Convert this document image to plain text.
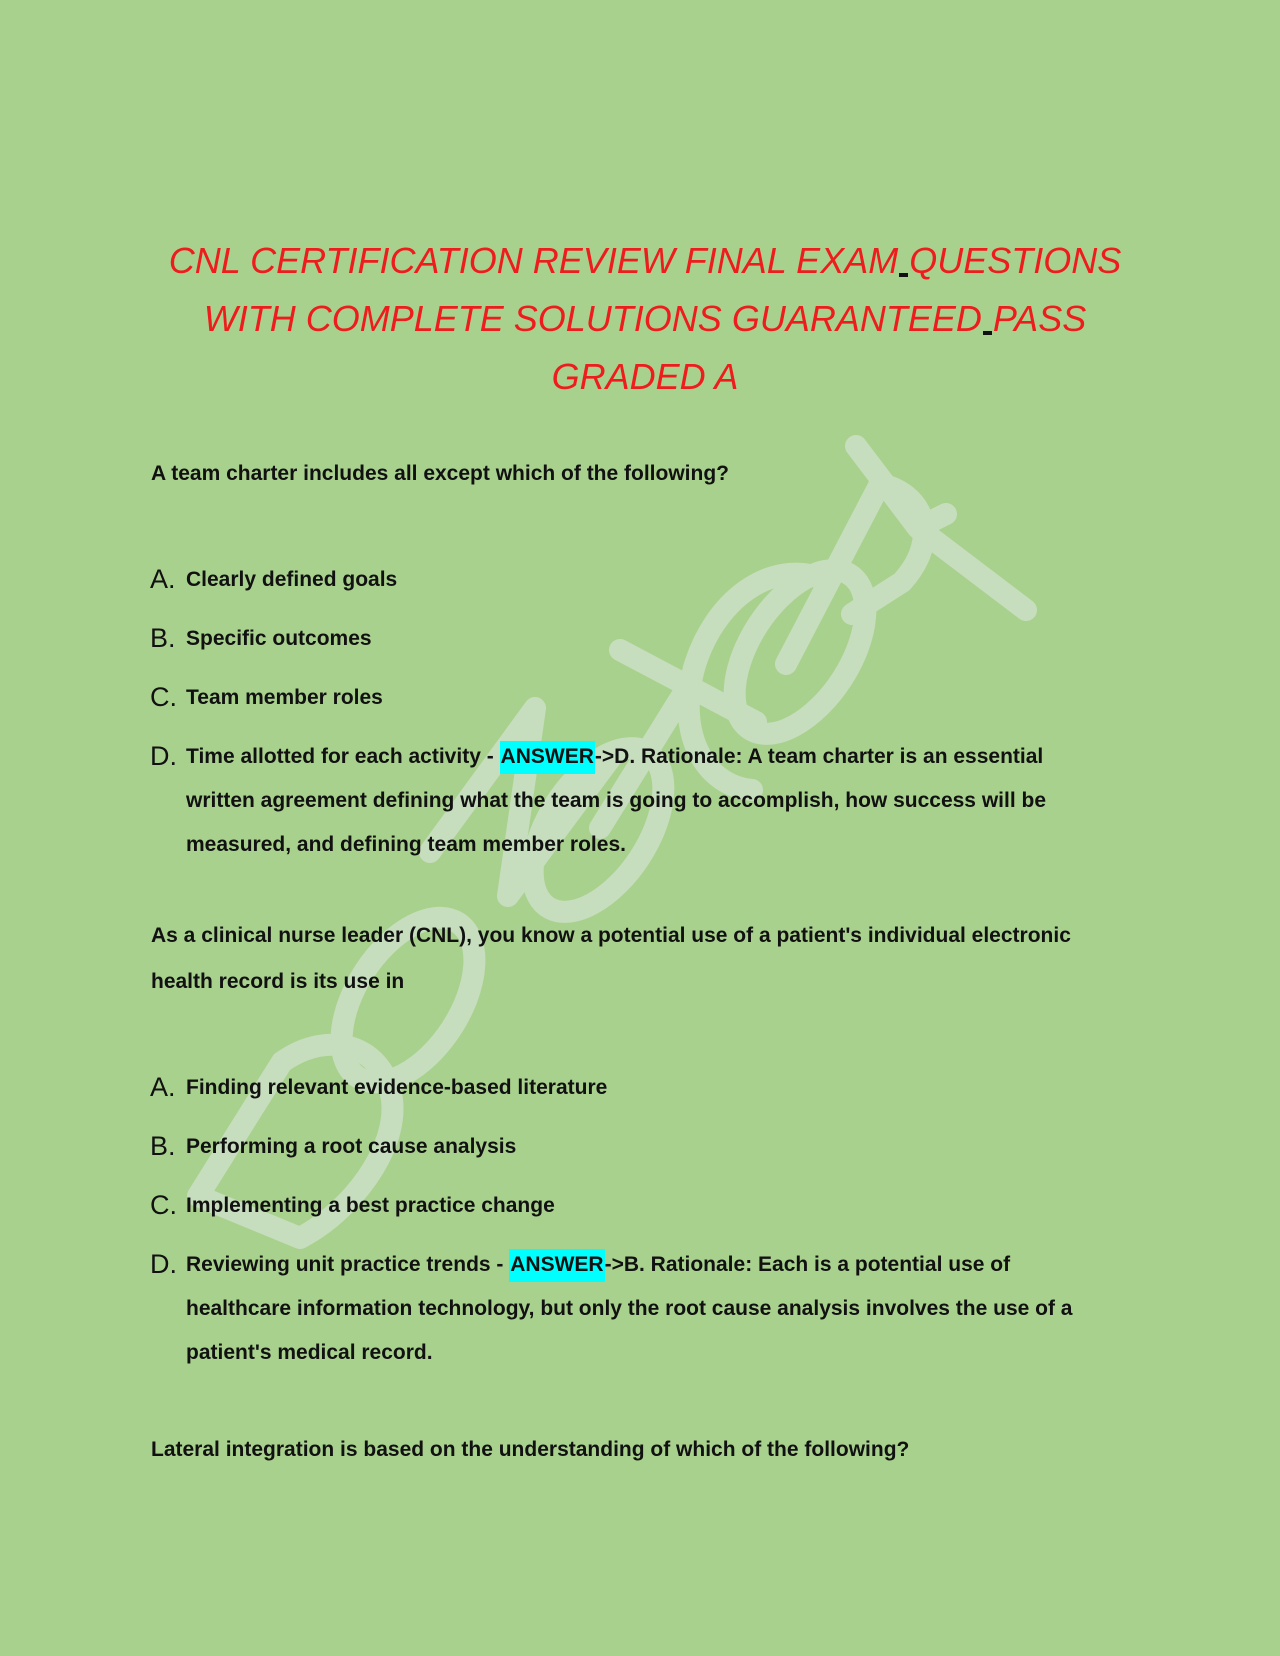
CNL CERTIFICATION REVIEW FINAL EXAM QUESTIONS
WITH COMPLETE SOLUTIONS GUARANTEED PASS
GRADED A
A team charter includes all except which of the following?
A. Clearly defined goals
B. Specific outcomes
C. Team member roles
D. Time allotted for each activity - ANSWER->D. Rationale: A team charter is an essential written agreement defining what the team is going to accomplish, how success will be measured, and defining team member roles.
As a clinical nurse leader (CNL), you know a potential use of a patient's individual electronic health record is its use in
A. Finding relevant evidence-based literature
B. Performing a root cause analysis
C. Implementing a best practice change
D. Reviewing unit practice trends - ANSWER->B. Rationale: Each is a potential use of healthcare information technology, but only the root cause analysis involves the use of a patient's medical record.
Lateral integration is based on the understanding of which of the following?
